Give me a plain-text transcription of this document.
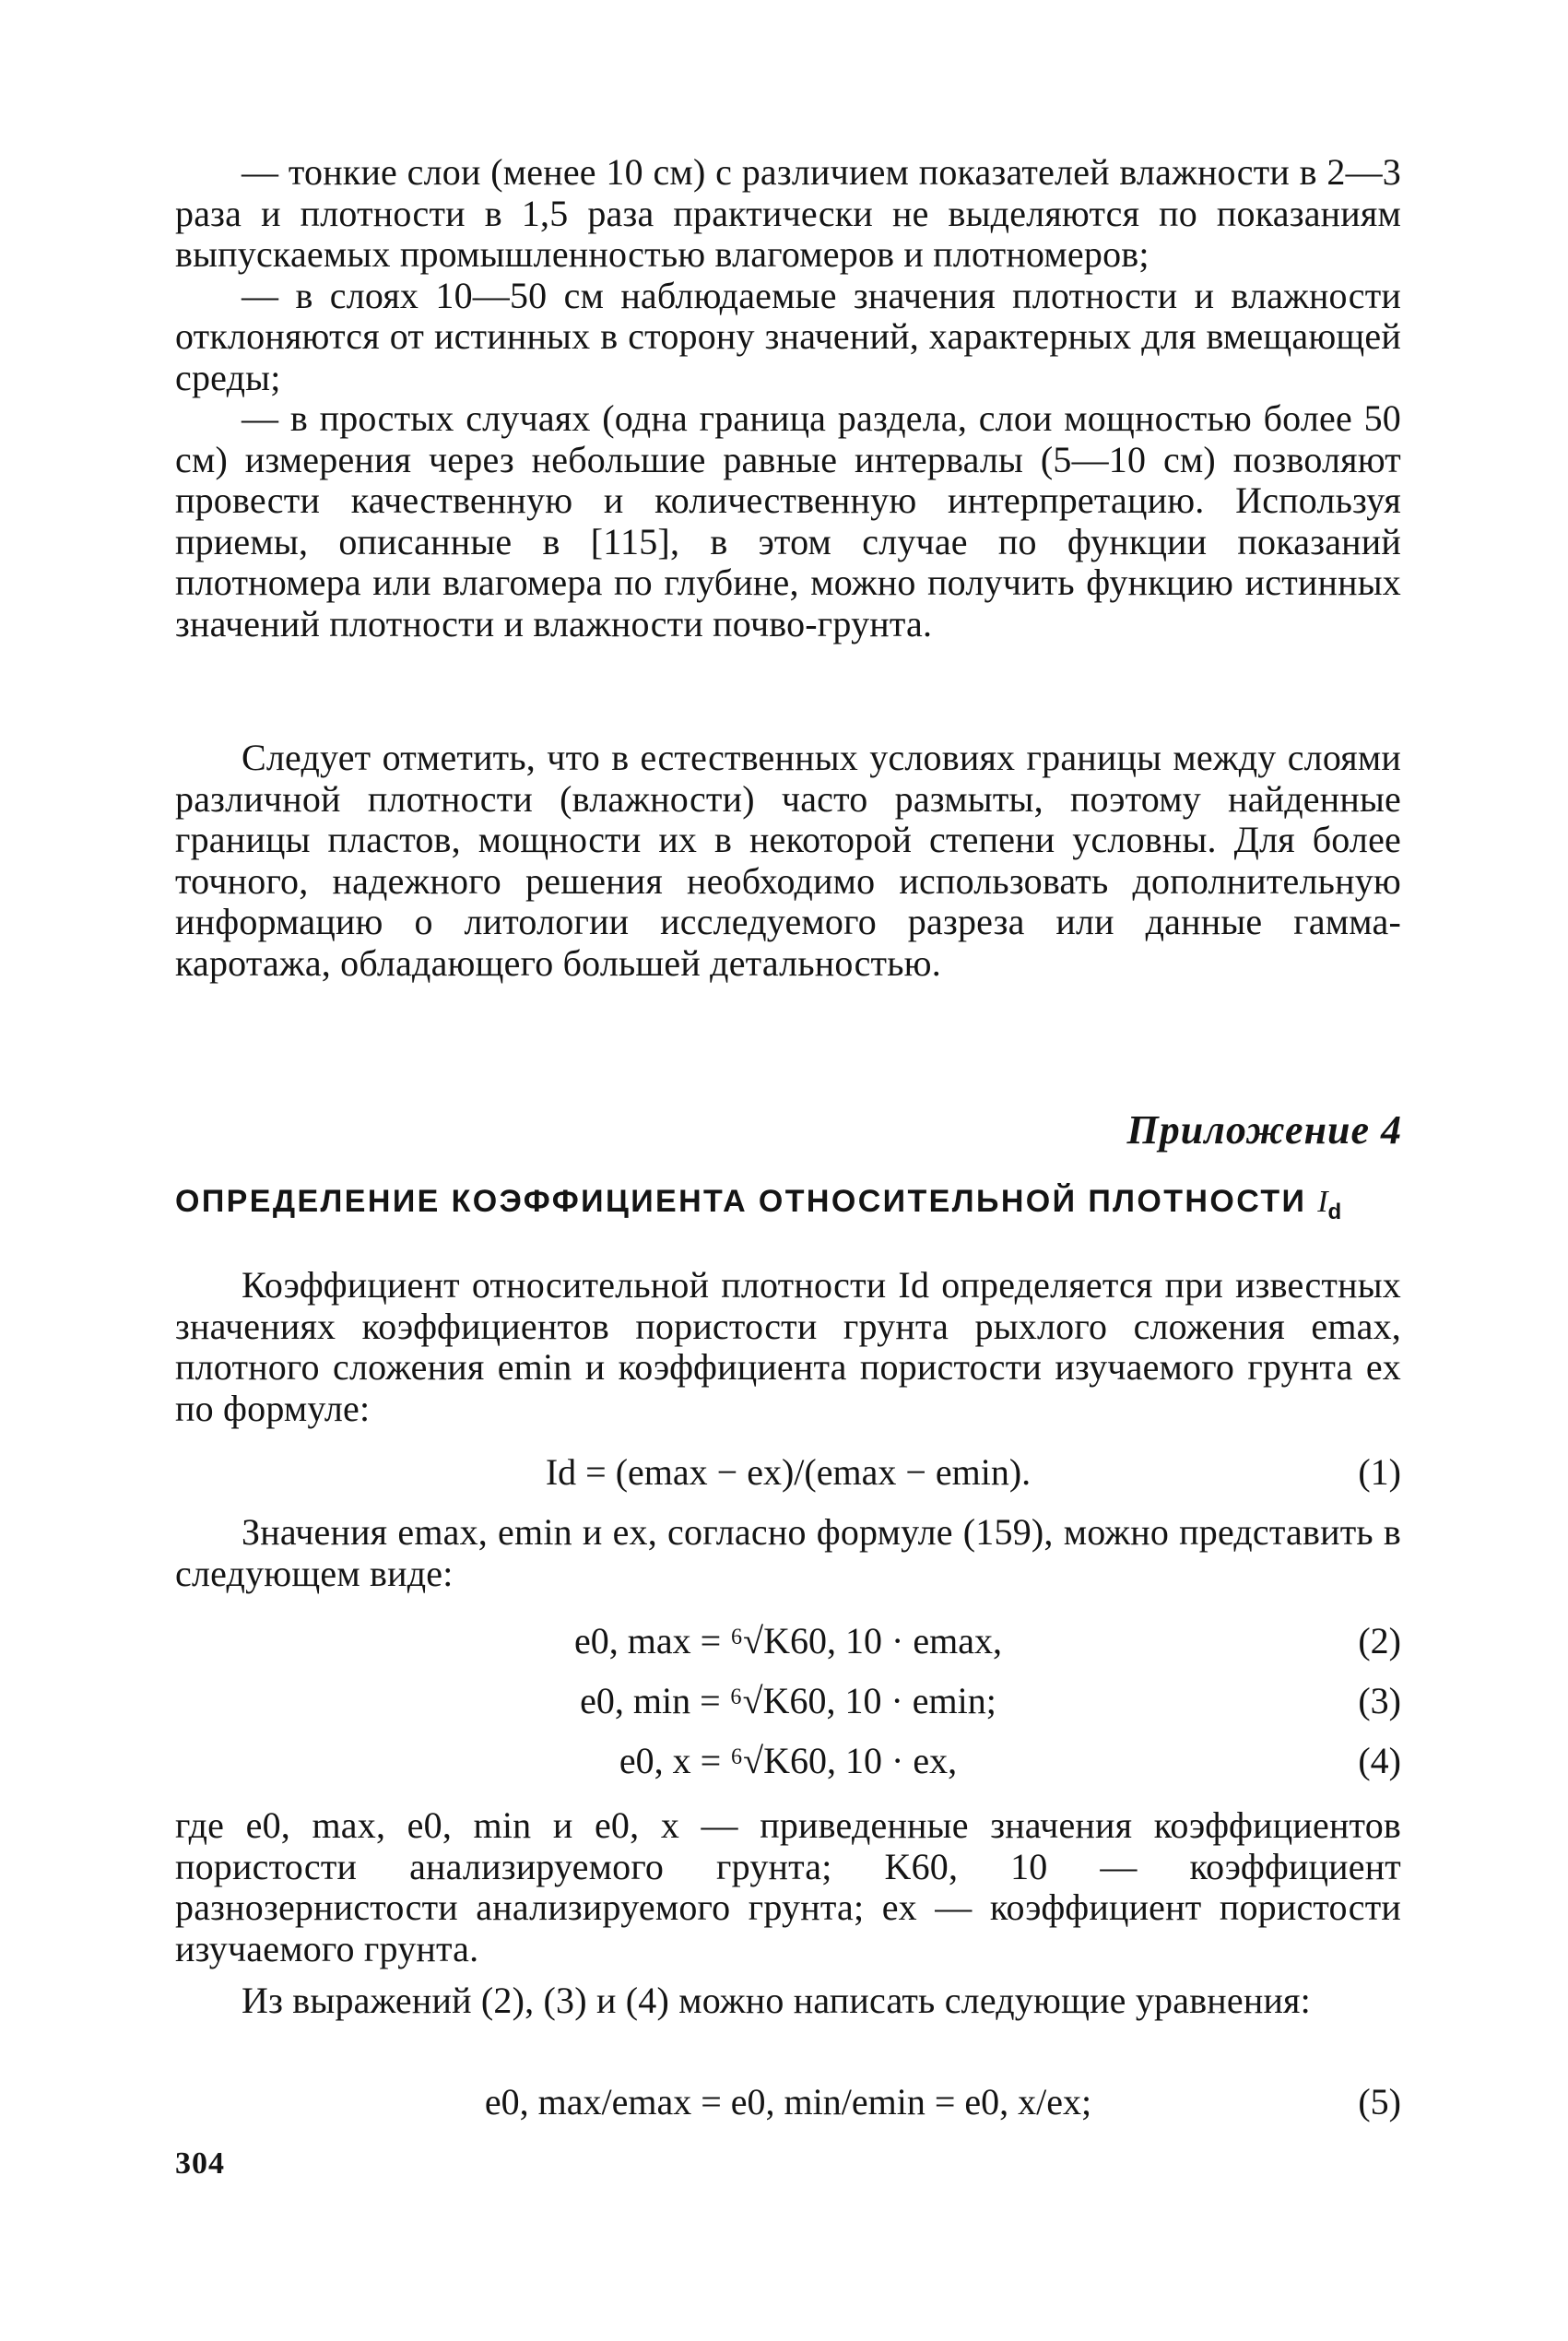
— тонкие слои (менее 10 см) с различием показателей влажности в 2—3 раза и плотности в 1,5 раза практически не выделяются по показаниям выпускаемых промышленностью влагомеров и плотномеров;

— в слоях 10—50 см наблюдаемые значения плотности и влажности отклоняются от истинных в сторону значений, характерных для вмещающей среды;

— в простых случаях (одна граница раздела, слои мощностью более 50 см) измерения через небольшие равные интервалы (5—10 см) позволяют провести качественную и количественную интерпретацию. Используя приемы, описанные в [115], в этом случае по функции показаний плотномера или влагомера по глубине, можно получить функцию истинных значений плотности и влажности почво-грунта.

Следует отметить, что в естественных условиях границы между слоями различной плотности (влажности) часто размыты, поэтому найденные границы пластов, мощности их в некоторой степени условны. Для более точного, надежного решения необходимо использовать дополнительную информацию о литологии исследуемого разреза или данные гамма-каротажа, обладающего большей детальностью.

Приложение 4

ОПРЕДЕЛЕНИЕ КОЭФФИЦИЕНТА ОТНОСИТЕЛЬНОЙ ПЛОТНОСТИ $I_d$

Коэффициент относительной плотности Id определяется при известных значениях коэффициентов пористости грунта рыхлого сложения emax, плотного сложения emin и коэффициента пористости изучаемого грунта ex по формуле:

Id = (emax − ex)/(emax − emin).	(1)

Значения emax, emin и ex, согласно формуле (159), можно представить в следующем виде:

e0, max = ⁶√K60, 10 · emax,	(2)
e0, min = ⁶√K60, 10 · emin;	(3)
e0, x = ⁶√K60, 10 · ex,	(4)

где e0, max, e0, min и e0, x — приведенные значения коэффициентов пористости анализируемого грунта; K60, 10 — коэффициент разнозернистости анализируемого грунта; ex — коэффициент пористости изучаемого грунта.

Из выражений (2), (3) и (4) можно написать следующие уравнения:

e0, max/emax = e0, min/emin = e0, x/ex;	(5)

304
